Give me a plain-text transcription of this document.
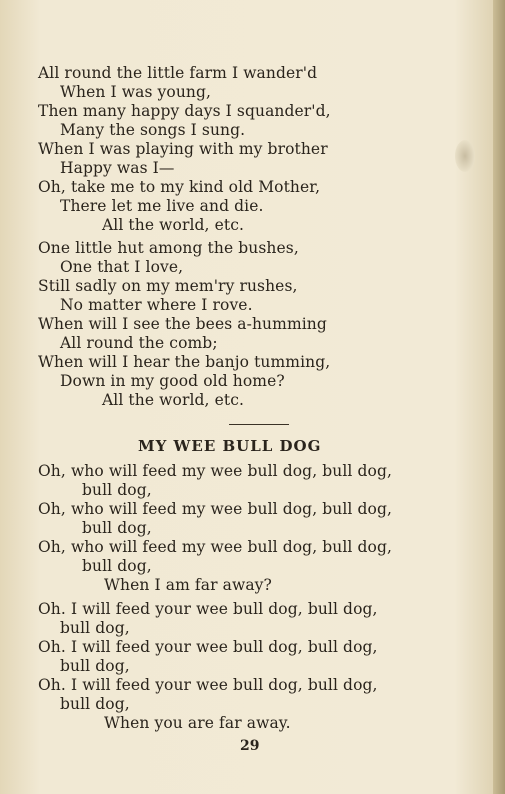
All round the little farm I wander'd
When I was young,
Then many happy days I squander'd,
Many the songs I sung.
When I was playing with my brother
Happy was I—
Oh, take me to my kind old Mother,
There let me live and die.
All the world, etc.
One little hut among the bushes,
One that I love,
Still sadly on my mem'ry rushes,
No matter where I rove.
When will I see the bees a-humming
All round the comb;
When will I hear the banjo tumming,
Down in my good old home?
All the world, etc.
MY WEE BULL DOG
Oh, who will feed my wee bull dog, bull dog,
bull dog,
Oh, who will feed my wee bull dog, bull dog,
bull dog,
Oh, who will feed my wee bull dog, bull dog,
bull dog,
When I am far away?
Oh. I will feed your wee bull dog, bull dog,
bull dog,
Oh. I will feed your wee bull dog, bull dog,
bull dog,
Oh. I will feed your wee bull dog, bull dog,
bull dog,
When you are far away.
29
